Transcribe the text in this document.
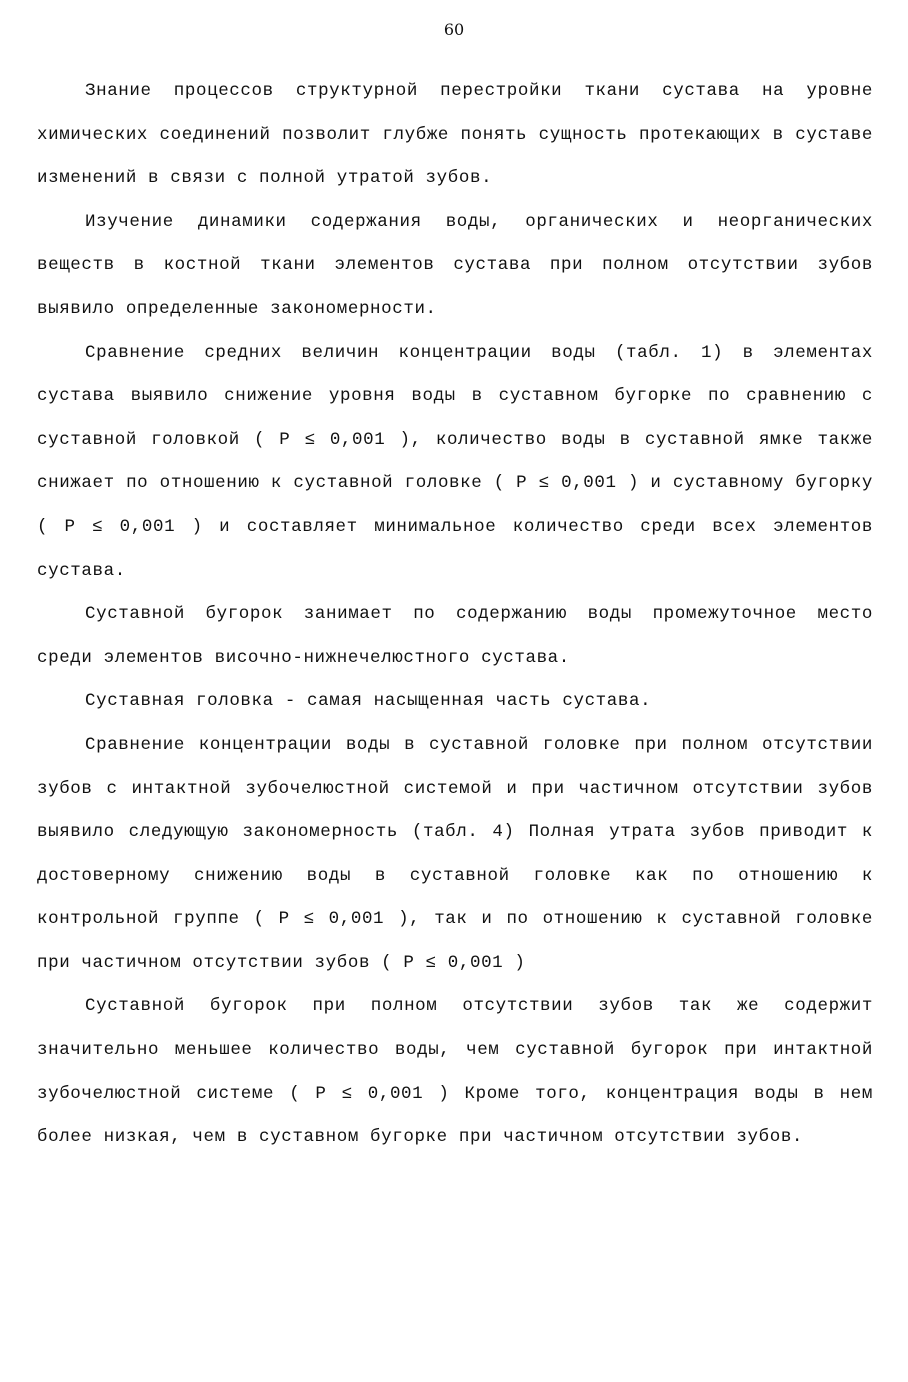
60

Знание процессов структурной перестройки ткани сустава на уровне химических соединений позволит глубже понять сущность протекающих в суставе изменений в связи с полной утратой зубов.

Изучение динамики содержания воды, органических и неорганических веществ в костной ткани элементов сустава при полном отсутствии зубов выявило определенные закономерности.

Сравнение средних величин концентрации воды (табл. 1) в элементах сустава выявило снижение уровня воды в суставном бугорке по сравнению с суставной головкой ( P ≤ 0,001 ), количество воды в суставной ямке также снижает по отношению к суставной головке ( P ≤ 0,001 ) и суставному бугорку ( P ≤ 0,001 ) и составляет минимальное количество среди всех элементов сустава.

Суставной бугорок занимает по содержанию воды промежуточное место среди элементов височно-нижнечелюстного сустава.

Суставная головка - самая насыщенная часть сустава.

Сравнение концентрации воды в суставной головке при полном отсутствии зубов с интактной зубочелюстной системой и при частичном отсутствии зубов выявило следующую закономерность (табл. 4) Полная утрата зубов приводит к достоверному снижению воды в суставной головке как по отношению к контрольной группе ( P ≤ 0,001 ), так и по отношению к суставной головке при частичном отсутствии зубов ( P ≤ 0,001 )

Суставной бугорок при полном отсутствии зубов так же содержит значительно меньшее количество воды, чем суставной бугорок при интактной зубочелюстной системе ( P ≤ 0,001 ) Кроме того, концентрация воды в нем более низкая, чем в суставном бугорке при частичном отсутствии зубов.
